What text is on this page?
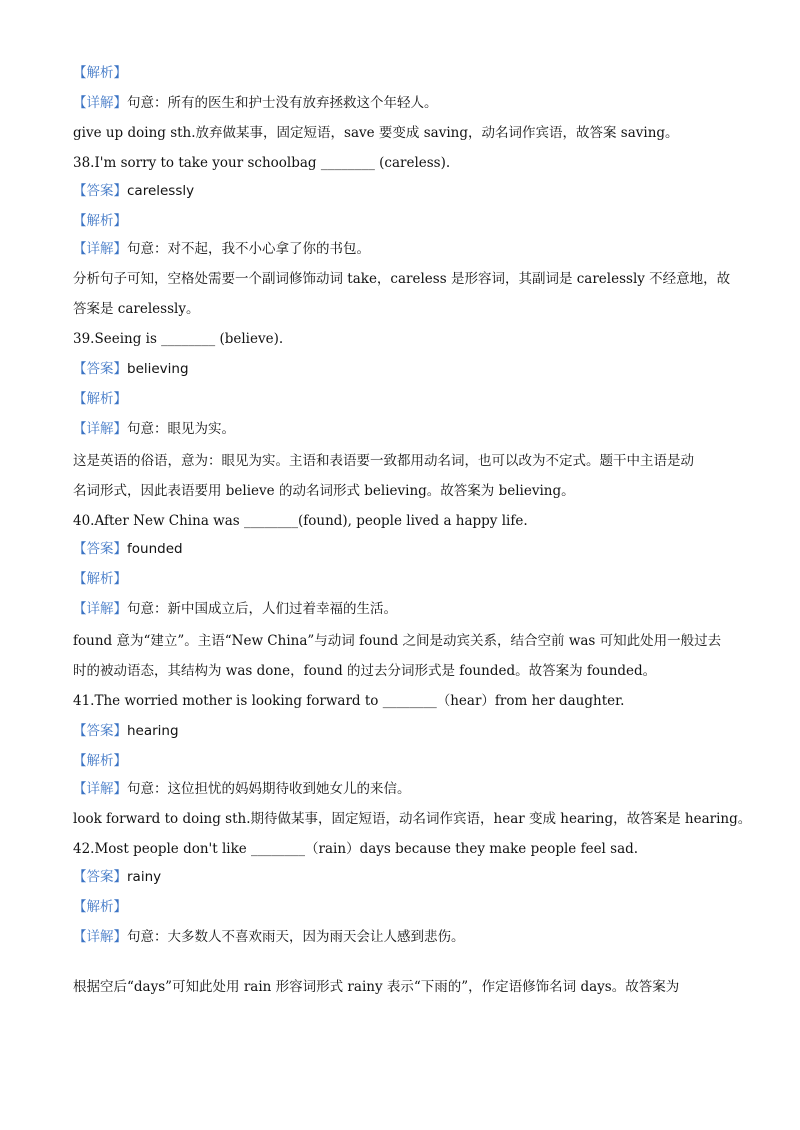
【解析】
【详解】句意：所有的医生和护士没有放弃拯救这个年轻人。
give up doing sth.放弃做某事，固定短语，save 要变成 saving，动名词作宾语，故答案 saving。
38.I'm sorry to take your schoolbag ________ (careless).
【答案】carelessly
【解析】
【详解】句意：对不起，我不小心拿了你的书包。
分析句子可知，空格处需要一个副词修饰动词 take，careless 是形容词，其副词是 carelessly 不经意地，故
答案是 carelessly。
39.Seeing is ________ (believe).
【答案】believing
【解析】
【详解】句意：眼见为实。
这是英语的俗语，意为：眼见为实。主语和表语要一致都用动名词，也可以改为不定式。题干中主语是动
名词形式，因此表语要用 believe 的动名词形式 believing。故答案为 believing。
40.After New China was ________(found), people lived a happy life.
【答案】founded
【解析】
【详解】句意：新中国成立后，人们过着幸福的生活。
found 意为“建立”。主语“New China”与动词 found 之间是动宾关系，结合空前 was 可知此处用一般过去
时的被动语态，其结构为 was done，found 的过去分词形式是 founded。故答案为 founded。
41.The worried mother is looking forward to ________（hear）from her daughter.
【答案】hearing
【解析】
【详解】句意：这位担忧的妈妈期待收到她女儿的来信。
look forward to doing sth.期待做某事，固定短语，动名词作宾语，hear 变成 hearing，故答案是 hearing。
42.Most people don't like ________（rain）days because they make people feel sad.
【答案】rainy
【解析】
【详解】句意：大多数人不喜欢雨天，因为雨天会让人感到悲伤。
根据空后“days”可知此处用 rain 形容词形式 rainy 表示“下雨的”，作定语修饰名词 days。故答案为
